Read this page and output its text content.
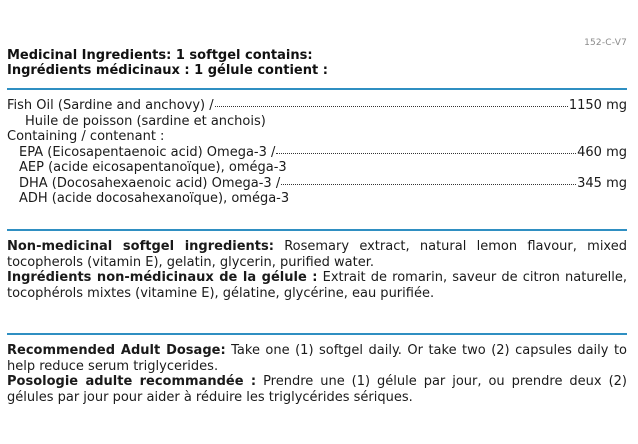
152-C-V7
Medicinal Ingredients: 1 softgel contains:
Ingrédients médicinaux : 1 gélule contient :
Fish Oil (Sardine and anchovy) /	1150 mg
Huile de poisson (sardine et anchois)
Containing / contenant :
EPA (Eicosapentaenoic acid) Omega-3 /	460 mg
AEP (acide eicosapentanoïque), oméga-3
DHA (Docosahexaenoic acid) Omega-3 /	345 mg
ADH (acide docosahexanoïque), oméga-3
Non-medicinal softgel ingredients: Rosemary extract, natural lemon flavour, mixed tocopherols (vitamin E), gelatin, glycerin, purified water.
Ingrédients non-médicinaux de la gélule : Extrait de romarin, saveur de citron naturelle, tocophérols mixtes (vitamine E), gélatine, glycérine, eau purifiée.
Recommended Adult Dosage: Take one (1) softgel daily. Or take two (2) capsules daily to help reduce serum triglycerides.
Posologie adulte recommandée : Prendre une (1) gélule par jour, ou prendre deux (2) gélules par jour pour aider à réduire les triglycérides sériques.
